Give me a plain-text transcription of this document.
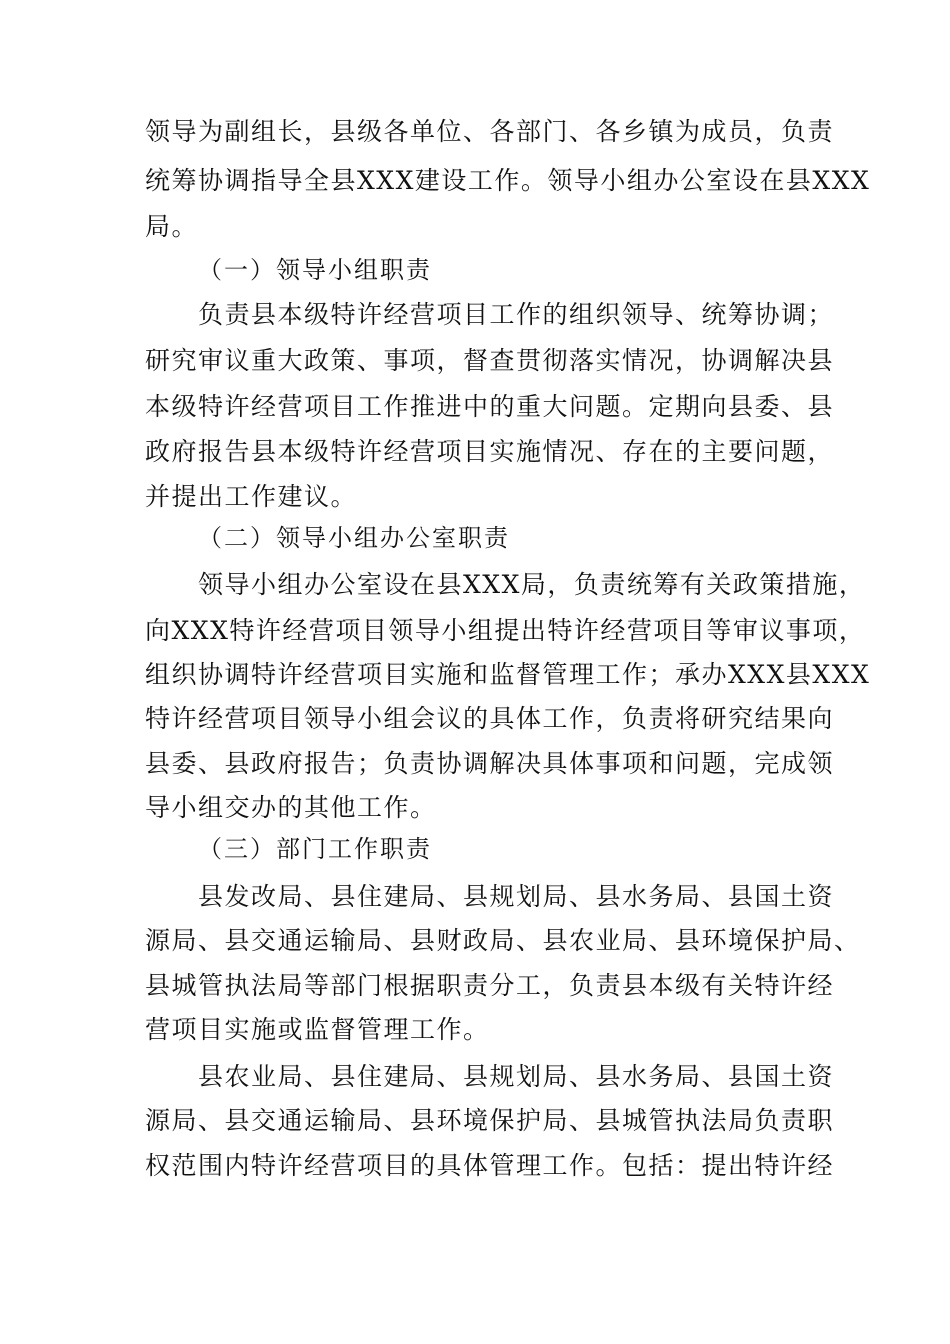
领导为副组长，县级各单位、各部门、各乡镇为成员，负责
统筹协调指导全县XXX建设工作。领导小组办公室设在县XXX
局。
（一）领导小组职责
负责县本级特许经营项目工作的组织领导、统筹协调；
研究审议重大政策、事项，督查贯彻落实情况，协调解决县
本级特许经营项目工作推进中的重大问题。定期向县委、县
政府报告县本级特许经营项目实施情况、存在的主要问题，
并提出工作建议。
（二）领导小组办公室职责
领导小组办公室设在县XXX局，负责统筹有关政策措施，
向XXX特许经营项目领导小组提出特许经营项目等审议事项，
组织协调特许经营项目实施和监督管理工作；承办XXX县XXX
特许经营项目领导小组会议的具体工作，负责将研究结果向
县委、县政府报告；负责协调解决具体事项和问题，完成领
导小组交办的其他工作。
（三）部门工作职责
县发改局、县住建局、县规划局、县水务局、县国土资
源局、县交通运输局、县财政局、县农业局、县环境保护局、
县城管执法局等部门根据职责分工，负责县本级有关特许经
营项目实施或监督管理工作。
县农业局、县住建局、县规划局、县水务局、县国土资
源局、县交通运输局、县环境保护局、县城管执法局负责职
权范围内特许经营项目的具体管理工作。包括：提出特许经
